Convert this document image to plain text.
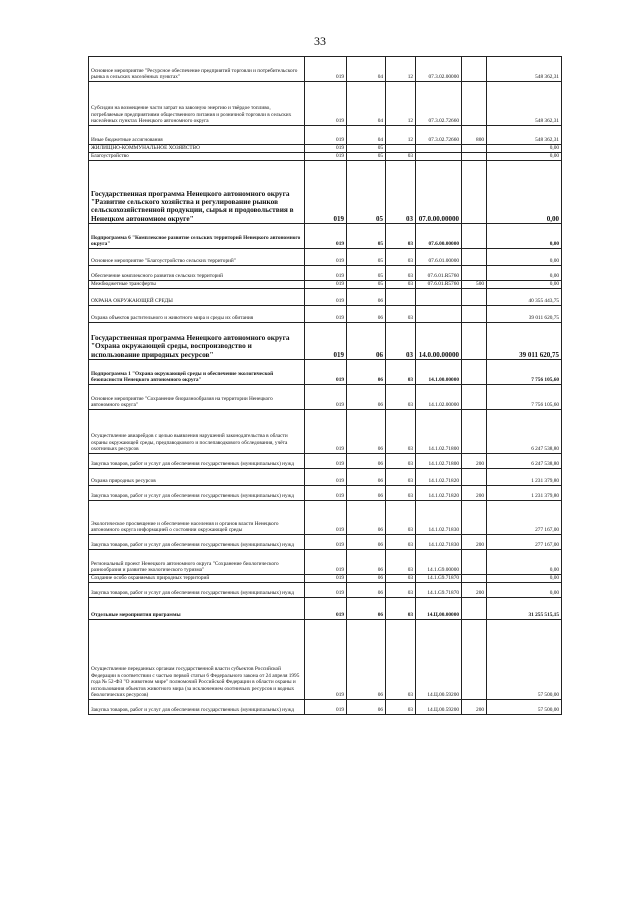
33
Основное мероприятие "Ресурсное обеспечение предприятий торговли и потребительского рынка в сельских населённых пунктах"	019	04	12	07.3.02.00000		548 362,31
Субсидии на возмещение части затрат на завозную энергию и твёрдое топливо, потребляемые предприятиями общественного питания и розничной торговли в сельских населённых пунктах Ненецкого автономного округа	019	04	12	07.3.02.72660		548 362,31
Иные бюджетные ассигнования	019	04	12	07.3.02.72660	800	548 362,31
ЖИЛИЩНО-КОММУНАЛЬНОЕ ХОЗЯЙСТВО	019	05				0,00
Благоустройство	019	05	03			0,00
Государственная программа Ненецкого автономного округа "Развитие сельского хозяйства и регулирование рынков сельскохозяйственной продукции, сырья и продовольствия в Ненецком автономном округе"	019	05	03	07.0.00.00000		0,00
Подпрограмма 6 "Комплексное развитие сельских территорий Ненецкого автономного округа"	019	05	03	07.6.00.00000		0,00
Основное мероприятие "Благоустройство сельских территорий"	019	05	03	07.6.01.00000		0,00
Обеспечение комплексного развития сельских территорий	019	05	03	07.6.01.R5760		0,00
Межбюджетные трансферты	019	05	03	07.6.01.R5760	500	0,00
ОХРАНА ОКРУЖАЮЩЕЙ СРЕДЫ	019	06				40 355 443,75
Охрана объектов растительного и животного мира и среды их обитания	019	06	03			39 011 620,75
Государственная программа Ненецкого автономного округа "Охрана окружающей среды, воспроизводство и использование природных ресурсов"	019	06	03	14.0.00.00000		39 011 620,75
Подпрограмма 1 "Охрана окружающей среды и обеспечение экологической безопасности Ненецкого автономного округа"	019	06	03	14.1.00.00000		7 756 105,60
Основное мероприятие "Сохранение биоразнообразия на территории Ненецкого автономного округа"	019	06	03	14.1.02.00000		7 756 105,60
Осуществление авиарейдов с целью выявления нарушений законодательства в области охраны окружающей среды, предпаводкового и послепаводкового обследования, учёта охотничьих ресурсов	019	06	03	14.1.02.71800		6 247 538,80
Закупка товаров, работ и услуг для обеспечения государственных (муниципальных) нужд	019	06	03	14.1.02.71800	200	6 247 538,80
Охрана природных ресурсов	019	06	03	14.1.02.71820		1 231 379,80
Закупка товаров, работ и услуг для обеспечения государственных (муниципальных) нужд	019	06	03	14.1.02.71820	200	1 231 379,80
Экологическое просвещение и обеспечение населения и органов власти Ненецкого автономного округа информацией о состоянии окружающей среды	019	06	03	14.1.02.71830		277 167,00
Закупка товаров, работ и услуг для обеспечения государственных (муниципальных) нужд	019	06	03	14.1.02.71830	200	277 167,00
Региональный проект Ненецкого автономного округа "Сохранение биологического разнообразия и развитие экологического туризма"	019	06	03	14.1.G9.00000		0,00
Создание особо охраняемых природных территорий	019	06	03	14.1.G9.71870		0,00
Закупка товаров, работ и услуг для обеспечения государственных (муниципальных) нужд	019	06	03	14.1.G9.71870	200	0,00
Отдельные мероприятия программы	019	06	03	14.Ц.00.00000		31 255 515,15
Осуществление переданных органам государственной власти субъектов Российской Федерации в соответствии с частью первой статьи 6 Федерального закона от 24 апреля 1995 года № 52-ФЗ "О животном мире" полномочий Российской Федерации в области охраны и использования объектов животного мира (за исключением охотничьих ресурсов и водных биологических ресурсов)	019	06	03	14.Ц.00.59200		57 500,00
Закупка товаров, работ и услуг для обеспечения государственных (муниципальных) нужд	019	06	03	14.Ц.00.59200	200	57 500,00
